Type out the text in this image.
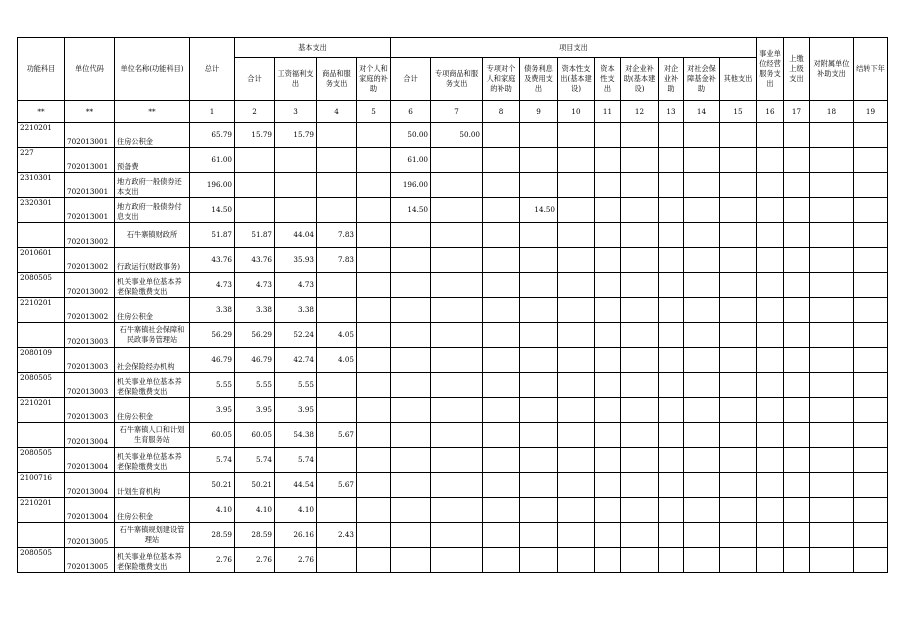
功能科目	单位代码	单位名称(功能科目)	总计	基本支出				项目支出										事业单位经营服务支出	上缴上级支出	对附属单位补助支出	结转下年
				合计	工资福利支出	商品和服务支出	对个人和家庭的补助	合计	专项商品和服务支出	专项对个人和家庭的补助	债务利息及费用支出	资本性支出(基本建设)	资本性支出	对企业补助(基本建设)	对企业补助	对社会保障基金补助	其他支出				
**	**	**	1	2	3	4	5	6	7	8	9	10	11	12	13	14	15	16	17	18	19
2210201	702013001	住房公积金	65.79	15.79	15.79			50.00	50.00												
227	702013001	预备费	61.00					61.00													
2310301	702013001	地方政府一般债券还本支出	196.00					196.00													
2320301	702013001	地方政府一般债券付息支出	14.50					14.50			14.50										
	702013002	石牛寨镇财政所	51.87	51.87	44.04	7.83															
2010601	702013002	行政运行(财政事务)	43.76	43.76	35.93	7.83															
2080505	702013002	机关事业单位基本养老保险缴费支出	4.73	4.73	4.73																
2210201	702013002	住房公积金	3.38	3.38	3.38																
	702013003	石牛寨镇社会保障和民政事务管理站	56.29	56.29	52.24	4.05															
2080109	702013003	社会保险经办机构	46.79	46.79	42.74	4.05															
2080505	702013003	机关事业单位基本养老保险缴费支出	5.55	5.55	5.55																
2210201	702013003	住房公积金	3.95	3.95	3.95																
	702013004	石牛寨镇人口和计划生育服务站	60.05	60.05	54.38	5.67															
2080505	702013004	机关事业单位基本养老保险缴费支出	5.74	5.74	5.74																
2100716	702013004	计划生育机构	50.21	50.21	44.54	5.67															
2210201	702013004	住房公积金	4.10	4.10	4.10																
	702013005	石牛寨镇规划建设管理站	28.59	28.59	26.16	2.43															
2080505	702013005	机关事业单位基本养老保险缴费支出	2.76	2.76	2.76																
